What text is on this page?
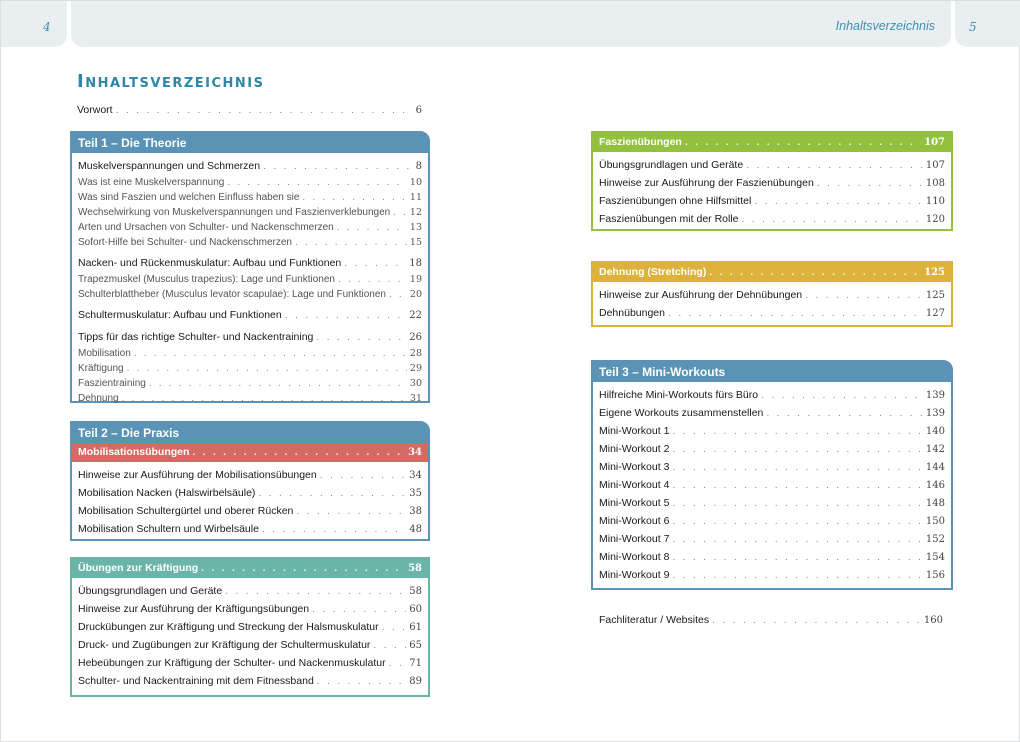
4	Inhaltsverzeichnis	5
Inhaltsverzeichnis
Vorwort . . .	6
Teil 1 – Die Theorie
Muskelverspannungen und Schmerzen . . .	8
Was ist eine Muskelverspannung . . .	10
Was sind Faszien und welchen Einfluss haben sie . . .	11
Wechselwirkung von Muskelverspannungen und Faszienverklebungen . . . 12
Arten und Ursachen von Schulter- und Nackenschmerzen . . .	13
Sofort-Hilfe bei Schulter- und Nackenschmerzen . . .	15
Nacken- und Rückenmuskulatur: Aufbau und Funktionen . . .	18
Trapezmuskel (Musculus trapezius): Lage und Funktionen . . .	19
Schulterblattheber (Musculus levator scapulae): Lage und Funktionen . . .	20
Schultermuskulatur: Aufbau und Funktionen . . .	22
Tipps für das richtige Schulter- und Nackentraining . . .	26
Mobilisation . . .	28
Kräftigung . . .	29
Faszientraining . . .	30
Dehnung . . .	31
Teil 2 – Die Praxis
Mobilisationsübungen . . .	34
Hinweise zur Ausführung der Mobilisationsübungen . . .	34
Mobilisation Nacken (Halswirbelsäule) . . .	35
Mobilisation Schultergürtel und oberer Rücken . . .	38
Mobilisation Schultern und Wirbelsäule . . .	48
Übungen zur Kräftigung . . .	58
Übungsgrundlagen und Geräte . . .	58
Hinweise zur Ausführung der Kräftigungsübungen . . .	60
Druckübungen zur Kräftigung und Streckung der Halsmuskulatur . . .	61
Druck- und Zugübungen zur Kräftigung der Schultermuskulatur . . .	65
Hebeübungen zur Kräftigung der Schulter- und Nackenmuskulatur . . . 71
Schulter- und Nackentraining mit dem Fitnessband . . .	89
Faszienübungen . . .	107
Übungsgrundlagen und Geräte . . .	107
Hinweise zur Ausführung der Faszienübungen . . .	108
Faszienübungen ohne Hilfsmittel . . .	110
Faszienübungen mit der Rolle . . .	120
Dehnung (Stretching) . . .	125
Hinweise zur Ausführung der Dehnübungen . . .	125
Dehnübungen . . .	127
Teil 3 – Mini-Workouts
Hilfreiche Mini-Workouts fürs Büro . . .	139
Eigene Workouts zusammenstellen . . .	139
Mini-Workout 1 . . .	140
Mini-Workout 2 . . .	142
Mini-Workout 3 . . .	144
Mini-Workout 4 . . .	146
Mini-Workout 5 . . .	148
Mini-Workout 6 . . .	150
Mini-Workout 7 . . .	152
Mini-Workout 8 . . .	154
Mini-Workout 9 . . .	156
Fachliteratur / Websites . . .	160
